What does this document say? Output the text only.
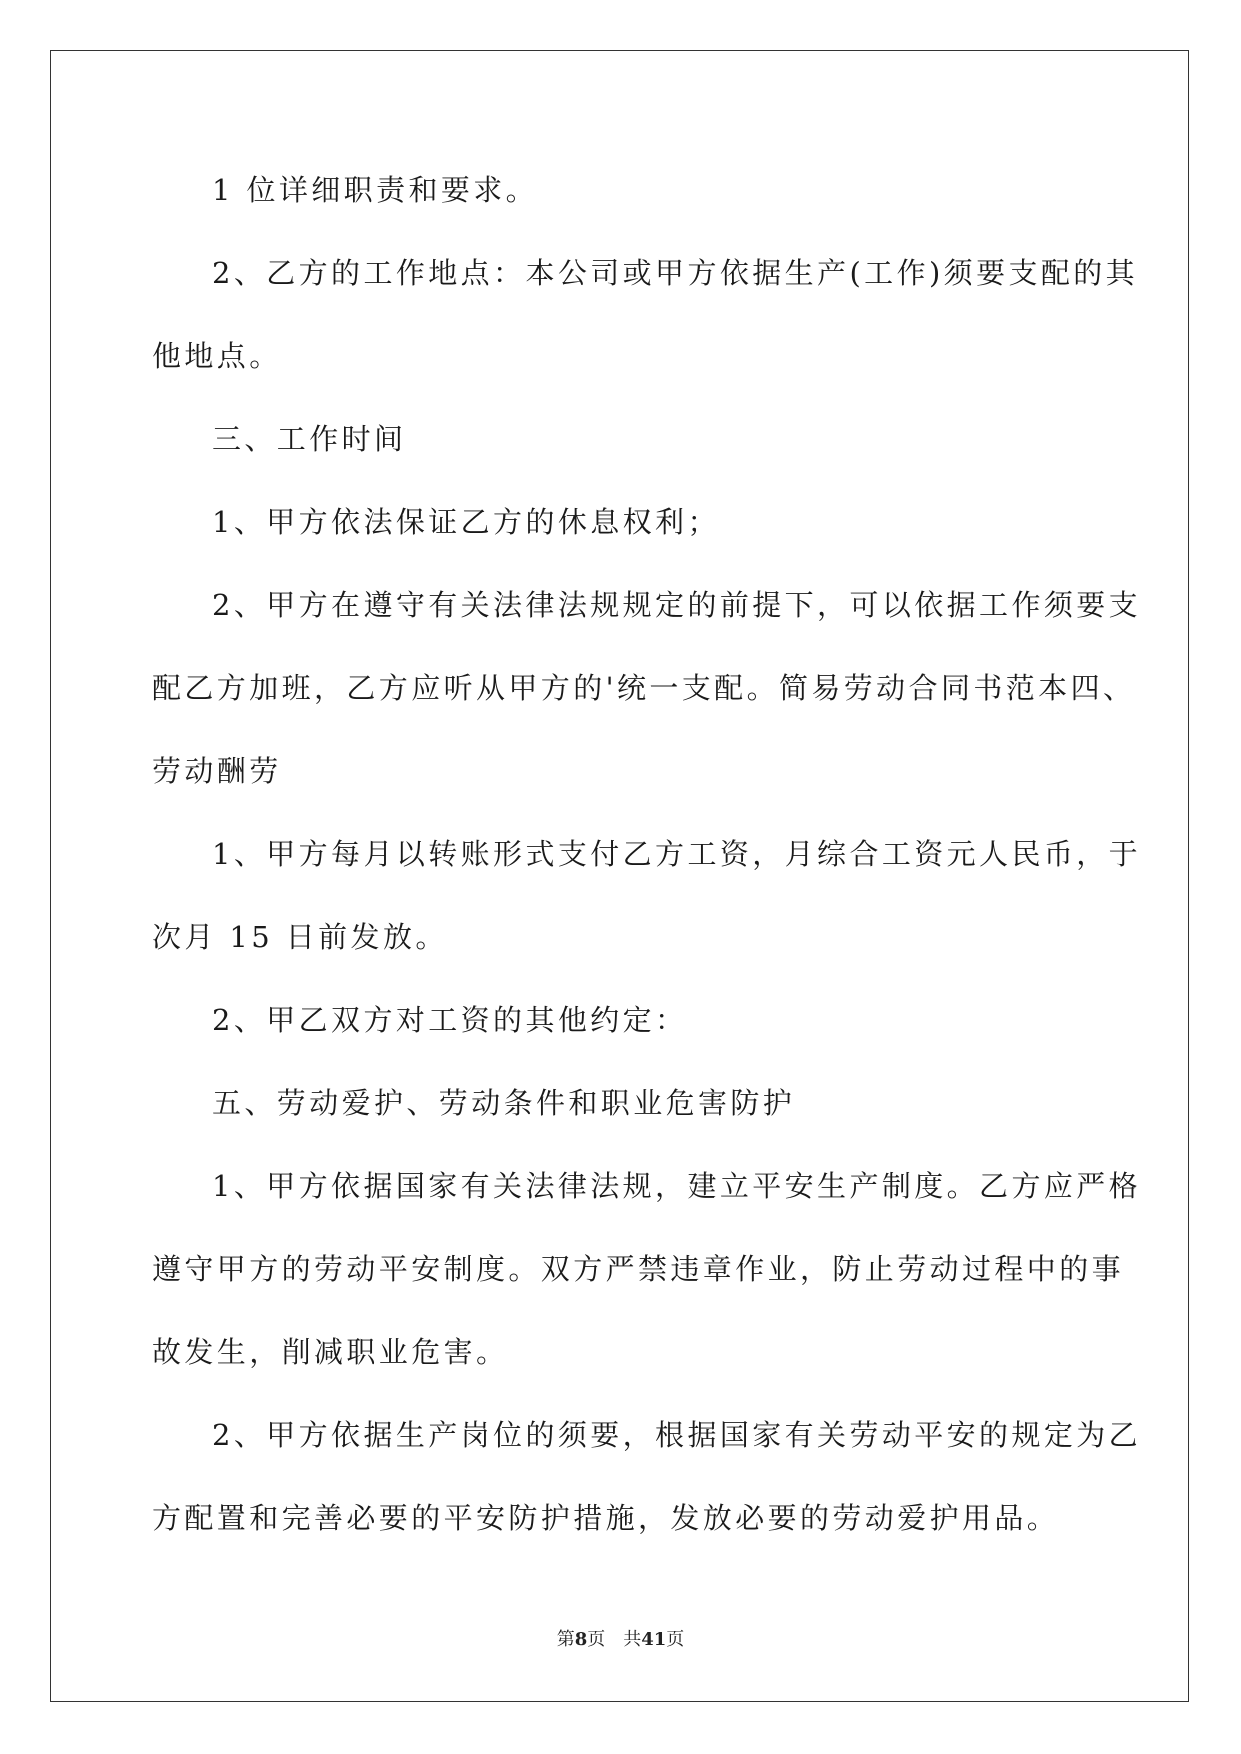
1 位详细职责和要求。

2、乙方的工作地点：本公司或甲方依据生产(工作)须要支配的其

他地点。

三、工作时间

1、甲方依法保证乙方的休息权利；

2、甲方在遵守有关法律法规规定的前提下，可以依据工作须要支

配乙方加班，乙方应听从甲方的'统一支配。简易劳动合同书范本四、

劳动酬劳

1、甲方每月以转账形式支付乙方工资，月综合工资元人民币，于

次月 15 日前发放。

2、甲乙双方对工资的其他约定：

五、劳动爱护、劳动条件和职业危害防护

1、甲方依据国家有关法律法规，建立平安生产制度。乙方应严格

遵守甲方的劳动平安制度。双方严禁违章作业，防止劳动过程中的事

故发生，削减职业危害。

2、甲方依据生产岗位的须要，根据国家有关劳动平安的规定为乙

方配置和完善必要的平安防护措施，发放必要的劳动爱护用品。

第8页　共41页
